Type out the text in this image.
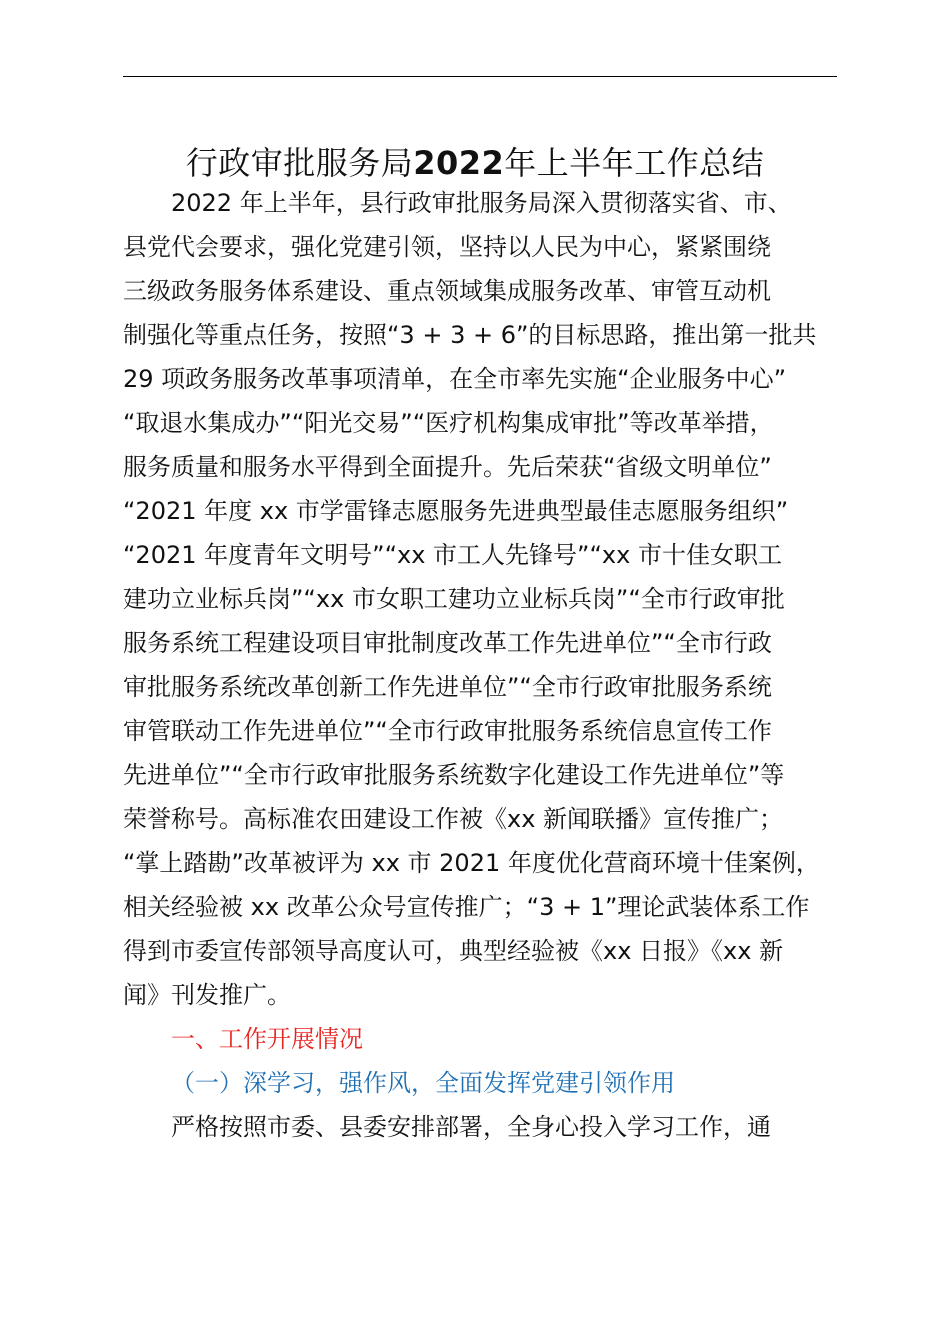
行政审批服务局2022年上半年工作总结
2022 年上半年，县行政审批服务局深入贯彻落实省、市、
县党代会要求，强化党建引领，坚持以人民为中心，紧紧围绕
三级政务服务体系建设、重点领域集成服务改革、审管互动机
制强化等重点任务，按照“3 + 3 + 6”的目标思路，推出第一批共
29 项政务服务改革事项清单，在全市率先实施“企业服务中心”
“取退水集成办”“阳光交易”“医疗机构集成审批”等改革举措，
服务质量和服务水平得到全面提升。先后荣获“省级文明单位”
“2021 年度 xx 市学雷锋志愿服务先进典型最佳志愿服务组织”
“2021 年度青年文明号”“xx 市工人先锋号”“xx 市十佳女职工
建功立业标兵岗”“xx 市女职工建功立业标兵岗”“全市行政审批
服务系统工程建设项目审批制度改革工作先进单位”“全市行政
审批服务系统改革创新工作先进单位”“全市行政审批服务系统
审管联动工作先进单位”“全市行政审批服务系统信息宣传工作
先进单位”“全市行政审批服务系统数字化建设工作先进单位”等
荣誉称号。高标准农田建设工作被《xx 新闻联播》宣传推广；
“掌上踏勘”改革被评为 xx 市 2021 年度优化营商环境十佳案例，
相关经验被 xx 改革公众号宣传推广；“3 + 1”理论武装体系工作
得到市委宣传部领导高度认可，典型经验被《xx 日报》《xx 新
闻》刊发推广。
一、工作开展情况
（一）深学习，强作风，全面发挥党建引领作用
严格按照市委、县委安排部署，全身心投入学习工作，通
